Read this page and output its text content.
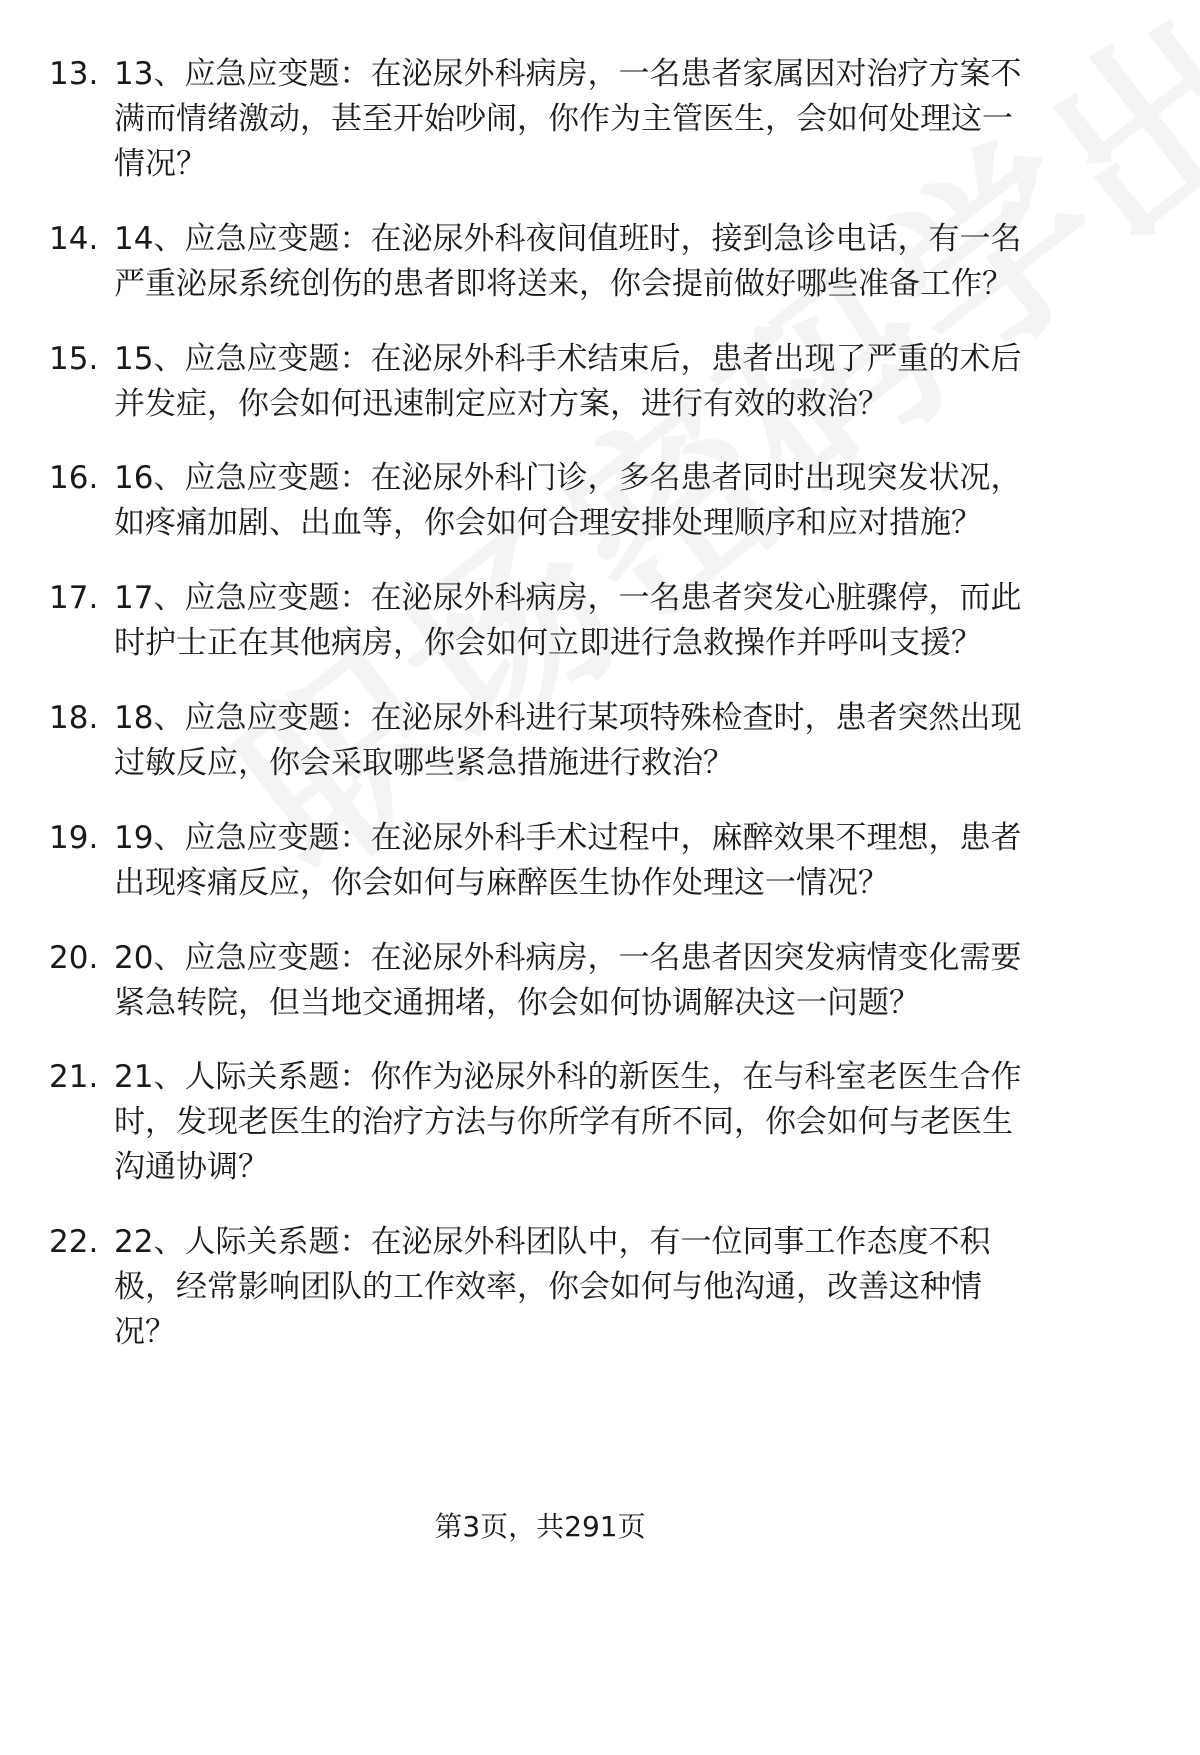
13. 13、应急应变题：在泌尿外科病房，一名患者家属因对治疗方案不满而情绪激动，甚至开始吵闹，你作为主管医生，会如何处理这一情况？
14. 14、应急应变题：在泌尿外科夜间值班时，接到急诊电话，有一名严重泌尿系统创伤的患者即将送来，你会提前做好哪些准备工作？
15. 15、应急应变题：在泌尿外科手术结束后，患者出现了严重的术后并发症，你会如何迅速制定应对方案，进行有效的救治？
16. 16、应急应变题：在泌尿外科门诊，多名患者同时出现突发状况，如疼痛加剧、出血等，你会如何合理安排处理顺序和应对措施？
17. 17、应急应变题：在泌尿外科病房，一名患者突发心脏骤停，而此时护士正在其他病房，你会如何立即进行急救操作并呼叫支援？
18. 18、应急应变题：在泌尿外科进行某项特殊检查时，患者突然出现过敏反应，你会采取哪些紧急措施进行救治？
19. 19、应急应变题：在泌尿外科手术过程中，麻醉效果不理想，患者出现疼痛反应，你会如何与麻醉医生协作处理这一情况？
20. 20、应急应变题：在泌尿外科病房，一名患者因突发病情变化需要紧急转院，但当地交通拥堵，你会如何协调解决这一问题？
21. 21、人际关系题：你作为泌尿外科的新医生，在与科室老医生合作时，发现老医生的治疗方法与你所学有所不同，你会如何与老医生沟通协调？
22. 22、人际关系题：在泌尿外科团队中，有一位同事工作态度不积极，经常影响团队的工作效率，你会如何与他沟通，改善这种情况？
第3页，共291页
